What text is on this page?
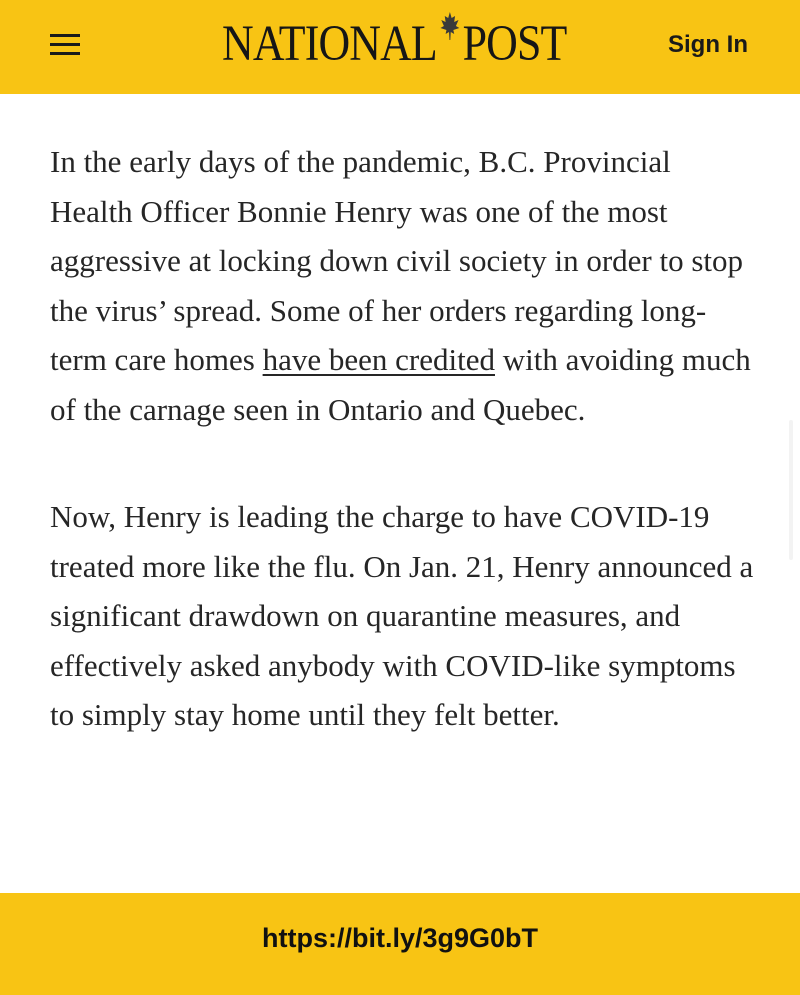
NATIONAL POST	Sign In

In the early days of the pandemic, B.C. Provincial Health Officer Bonnie Henry was one of the most aggressive at locking down civil society in order to stop the virus’ spread. Some of her orders regarding long-term care homes have been credited with avoiding much of the carnage seen in Ontario and Quebec.

Now, Henry is leading the charge to have COVID-19 treated more like the flu. On Jan. 21, Henry announced a significant drawdown on quarantine measures, and effectively asked anybody with COVID-like symptoms to simply stay home until they felt better.

https://bit.ly/3g9G0bT
